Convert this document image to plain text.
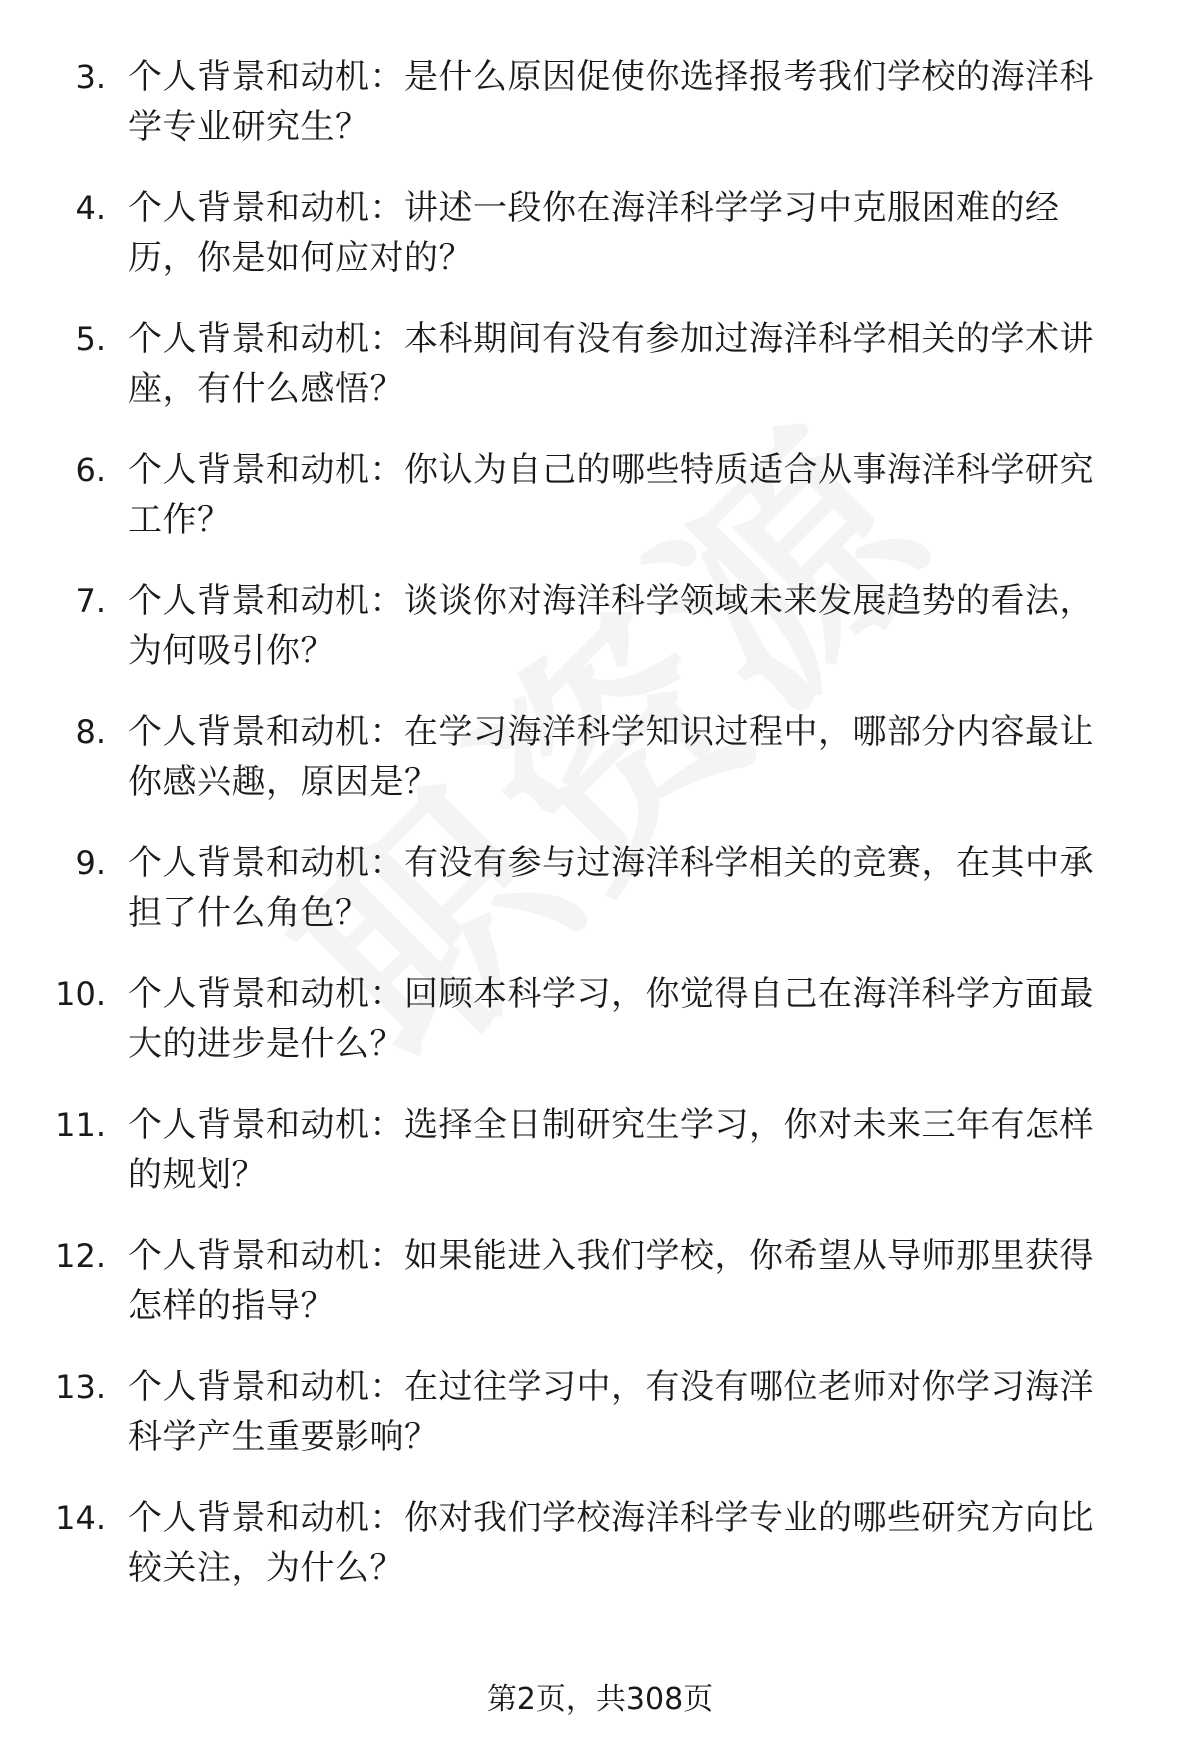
3. 个人背景和动机：是什么原因促使你选择报考我们学校的海洋科学专业研究生？
4. 个人背景和动机：讲述一段你在海洋科学学习中克服困难的经历，你是如何应对的？
5. 个人背景和动机：本科期间有没有参加过海洋科学相关的学术讲座，有什么感悟？
6. 个人背景和动机：你认为自己的哪些特质适合从事海洋科学研究工作？
7. 个人背景和动机：谈谈你对海洋科学领域未来发展趋势的看法，为何吸引你？
8. 个人背景和动机：在学习海洋科学知识过程中，哪部分内容最让你感兴趣，原因是？
9. 个人背景和动机：有没有参与过海洋科学相关的竞赛，在其中承担了什么角色？
10. 个人背景和动机：回顾本科学习，你觉得自己在海洋科学方面最大的进步是什么？
11. 个人背景和动机：选择全日制研究生学习，你对未来三年有怎样的规划？
12. 个人背景和动机：如果能进入我们学校，你希望从导师那里获得怎样的指导？
13. 个人背景和动机：在过往学习中，有没有哪位老师对你学习海洋科学产生重要影响？
14. 个人背景和动机：你对我们学校海洋科学专业的哪些研究方向比较关注，为什么？
第2页，共308页
